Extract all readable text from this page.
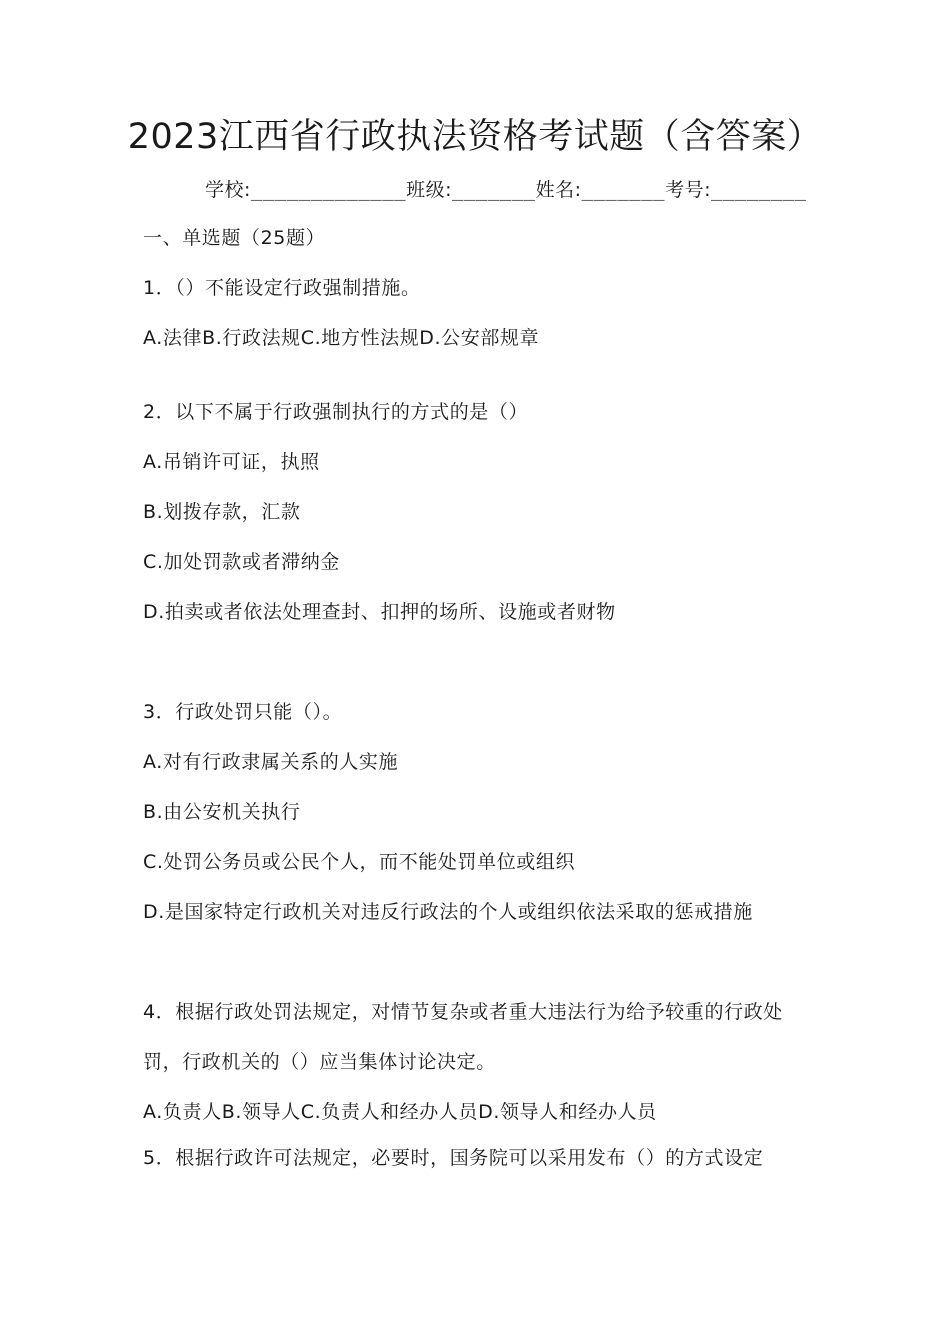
2023江西省行政执法资格考试题（含答案）
学校:_____________班级:_______姓名:_______考号:________
一、单选题（25题）
1．（）不能设定行政强制措施。
A.法律B.行政法规C.地方性法规D.公安部规章
2．以下不属于行政强制执行的方式的是（）
A.吊销许可证，执照
B.划拨存款，汇款
C.加处罚款或者滞纳金
D.拍卖或者依法处理查封、扣押的场所、设施或者财物
3．行政处罚只能（）。
A.对有行政隶属关系的人实施
B.由公安机关执行
C.处罚公务员或公民个人，而不能处罚单位或组织
D.是国家特定行政机关对违反行政法的个人或组织依法采取的惩戒措施
4．根据行政处罚法规定，对情节复杂或者重大违法行为给予较重的行政处
罚，行政机关的（）应当集体讨论决定。
A.负责人B.领导人C.负责人和经办人员D.领导人和经办人员
5．根据行政许可法规定，必要时，国务院可以采用发布（）的方式设定
